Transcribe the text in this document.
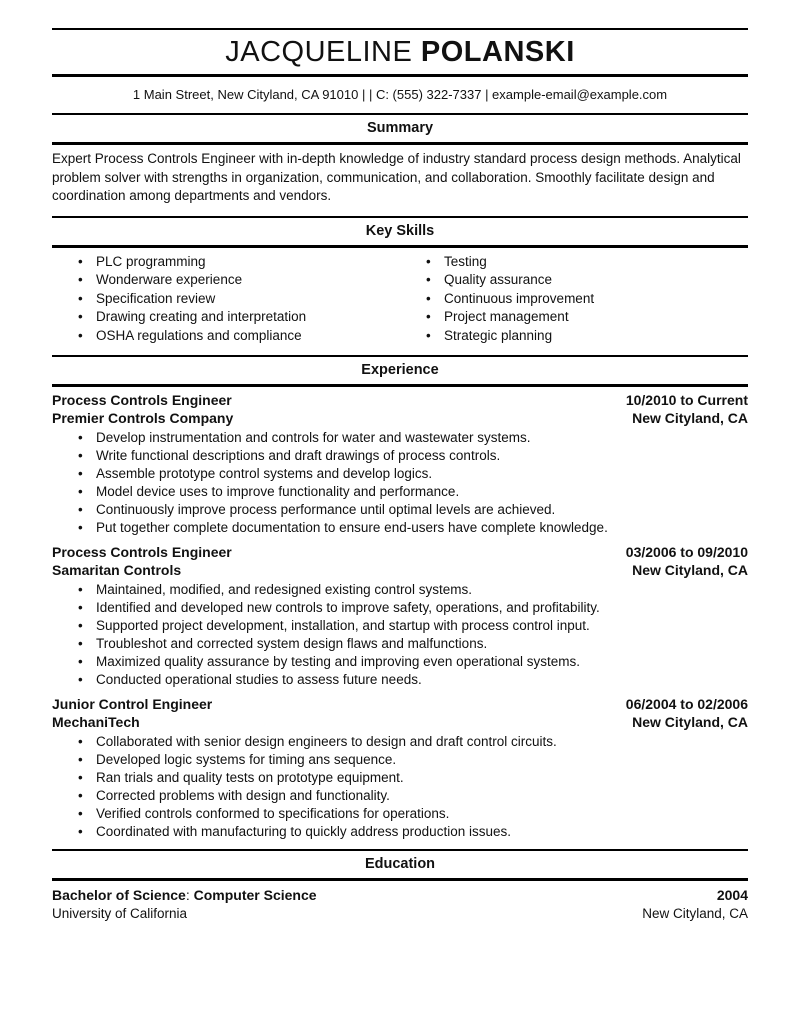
JACQUELINE POLANSKI
1 Main Street, New Cityland, CA 91010 | | C: (555) 322-7337 | example-email@example.com
Summary

Expert Process Controls Engineer with in-depth knowledge of industry standard process design methods. Analytical problem solver with strengths in organization, communication, and collaboration. Smoothly facilitate design and coordination among departments and vendors.

Key Skills
• PLC programming
• Wonderware experience
• Specification review
• Drawing creating and interpretation
• OSHA regulations and compliance
• Testing
• Quality assurance
• Continuous improvement
• Project management
• Strategic planning
Experience
Process Controls Engineer	10/2010 to Current
Premier Controls Company	New Cityland, CA
• Develop instrumentation and controls for water and wastewater systems.
• Write functional descriptions and draft drawings of process controls.
• Assemble prototype control systems and develop logics.
• Model device uses to improve functionality and performance.
• Continuously improve process performance until optimal levels are achieved.
• Put together complete documentation to ensure end-users have complete knowledge.
Process Controls Engineer	03/2006 to 09/2010
Samaritan Controls	New Cityland, CA
• Maintained, modified, and redesigned existing control systems.
• Identified and developed new controls to improve safety, operations, and profitability.
• Supported project development, installation, and startup with process control input.
• Troubleshot and corrected system design flaws and malfunctions.
• Maximized quality assurance by testing and improving even operational systems.
• Conducted operational studies to assess future needs.
Junior Control Engineer	06/2004 to 02/2006
MechaniTech	New Cityland, CA
• Collaborated with senior design engineers to design and draft control circuits.
• Developed logic systems for timing ans sequence.
• Ran trials and quality tests on prototype equipment.
• Corrected problems with design and functionality.
• Verified controls conformed to specifications for operations.
• Coordinated with manufacturing to quickly address production issues.
Education
Bachelor of Science: Computer Science	2004
University of California	New Cityland, CA
